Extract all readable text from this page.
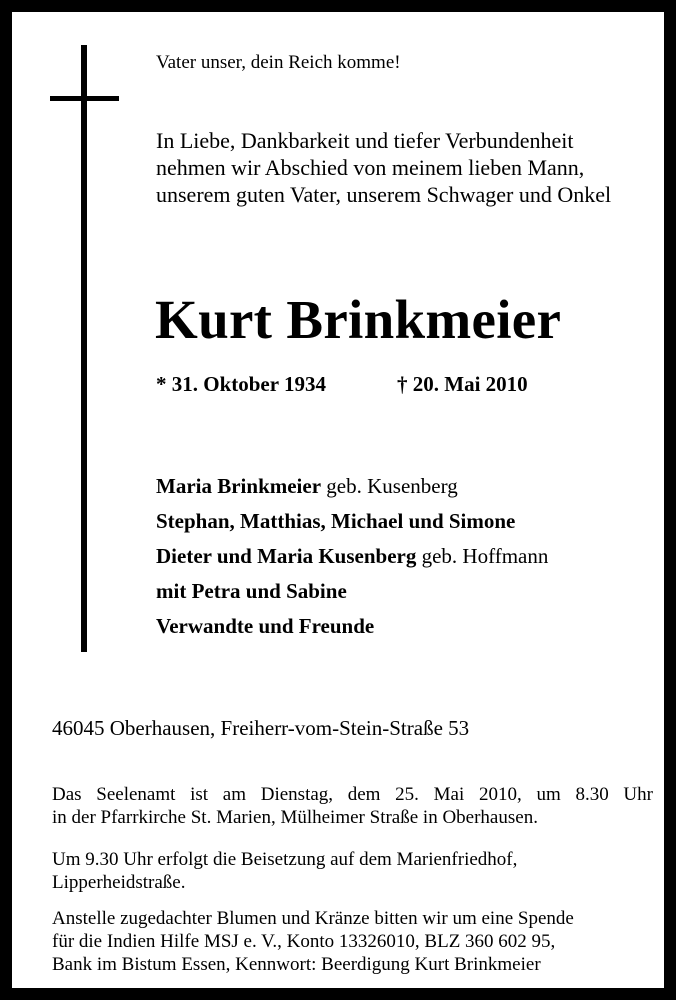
Vater unser, dein Reich komme!

In Liebe, Dankbarkeit und tiefer Verbundenheit
nehmen wir Abschied von meinem lieben Mann,
unserem guten Vater, unserem Schwager und Onkel

Kurt Brinkmeier

* 31. Oktober 1934	† 20. Mai 2010

Maria Brinkmeier geb. Kusenberg
Stephan, Matthias, Michael und Simone
Dieter und Maria Kusenberg geb. Hoffmann
mit Petra und Sabine
Verwandte und Freunde

46045 Oberhausen, Freiherr-vom-Stein-Straße 53

Das Seelenamt ist am Dienstag, dem 25. Mai 2010, um 8.30 Uhr
in der Pfarrkirche St. Marien, Mülheimer Straße in Oberhausen.
Um 9.30 Uhr erfolgt die Beisetzung auf dem Marienfriedhof,
Lipperheidstraße.
Anstelle zugedachter Blumen und Kränze bitten wir um eine Spende
für die Indien Hilfe MSJ e. V., Konto 13326010, BLZ 360 602 95,
Bank im Bistum Essen, Kennwort: Beerdigung Kurt Brinkmeier
